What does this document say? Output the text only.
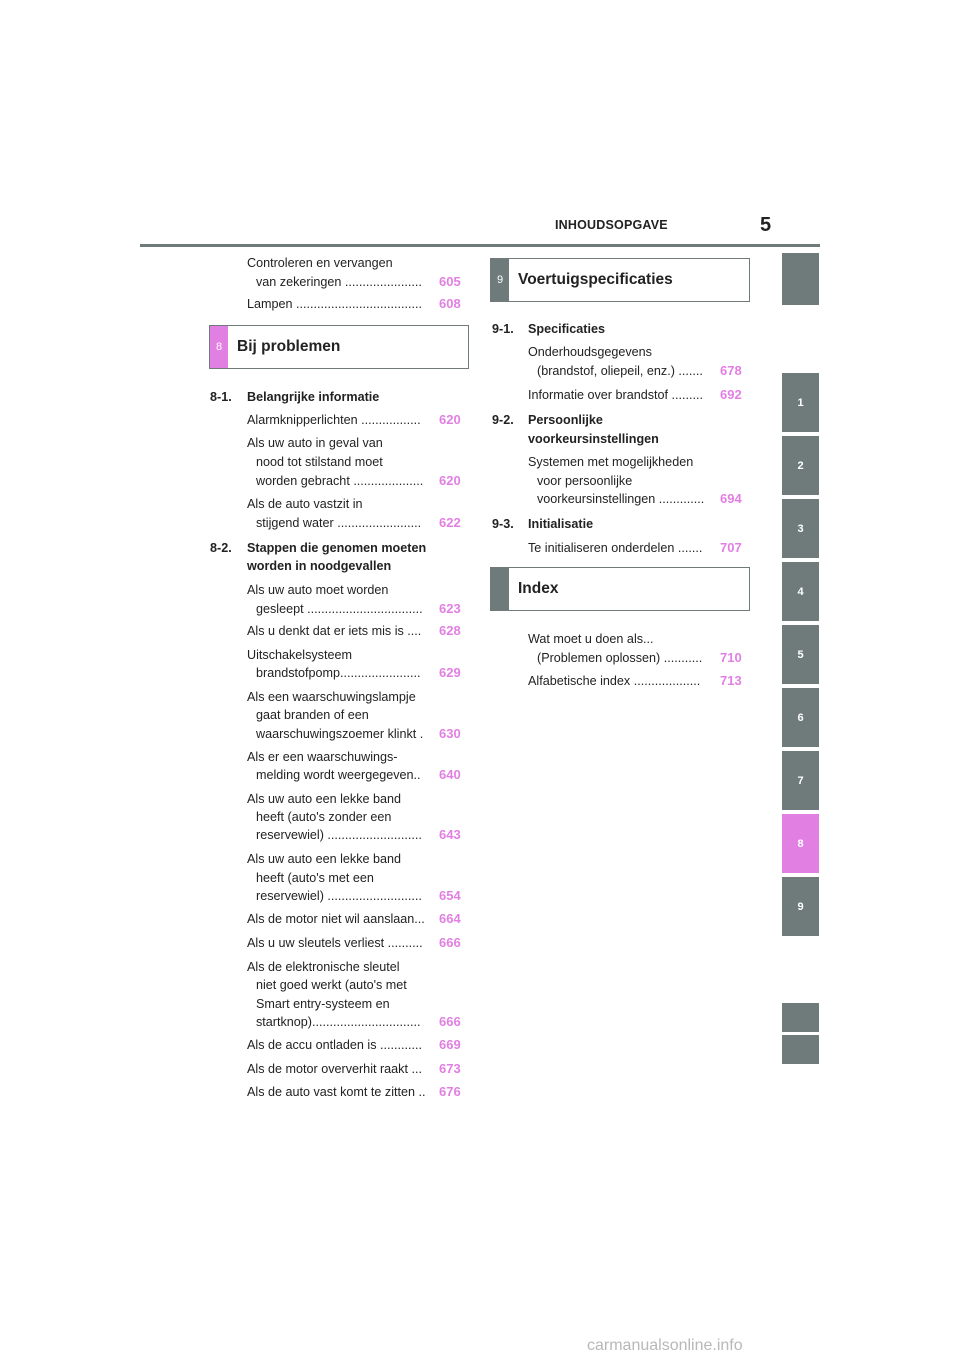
INHOUDSOPGAVE	5
1
2
3
4
5
6
7
8
9
Controleren en vervangen
van zekeringen ...................... 605
Lampen .................................... 608
8 Bij problemen
8-1. Belangrijke informatie
Alarmknipperlichten ................. 620
Als uw auto in geval van
nood tot stilstand moet
worden gebracht .................... 620
Als de auto vastzit in
stijgend water ........................ 622
8-2. Stappen die genomen moeten
worden in noodgevallen
Als uw auto moet worden
gesleept ................................. 623
Als u denkt dat er iets mis is .... 628
Uitschakelsysteem
brandstofpomp....................... 629
Als een waarschuwingslampje
gaat branden of een
waarschuwingszoemer klinkt . 630
Als er een waarschuwings-
melding wordt weergegeven.. 640
Als uw auto een lekke band
heeft (auto's zonder een
reservewiel) ........................... 643
Als uw auto een lekke band
heeft (auto's met een
reservewiel) ........................... 654
Als de motor niet wil aanslaan... 664
Als u uw sleutels verliest .......... 666
Als de elektronische sleutel
niet goed werkt (auto's met
Smart entry-systeem en
startknop)............................... 666
Als de accu ontladen is ............ 669
Als de motor oververhit raakt ... 673
Als de auto vast komt te zitten .. 676
9 Voertuigspecificaties
9-1. Specificaties
Onderhoudsgegevens
(brandstof, oliepeil, enz.) ....... 678
Informatie over brandstof ......... 692
9-2. Persoonlijke
voorkeursinstellingen
Systemen met mogelijkheden
voor persoonlijke
voorkeursinstellingen ............. 694
9-3. Initialisatie
Te initialiseren onderdelen ....... 707
Index
Wat moet u doen als...
(Problemen oplossen) ........... 710
Alfabetische index ................... 713
carmanualsonline.info
